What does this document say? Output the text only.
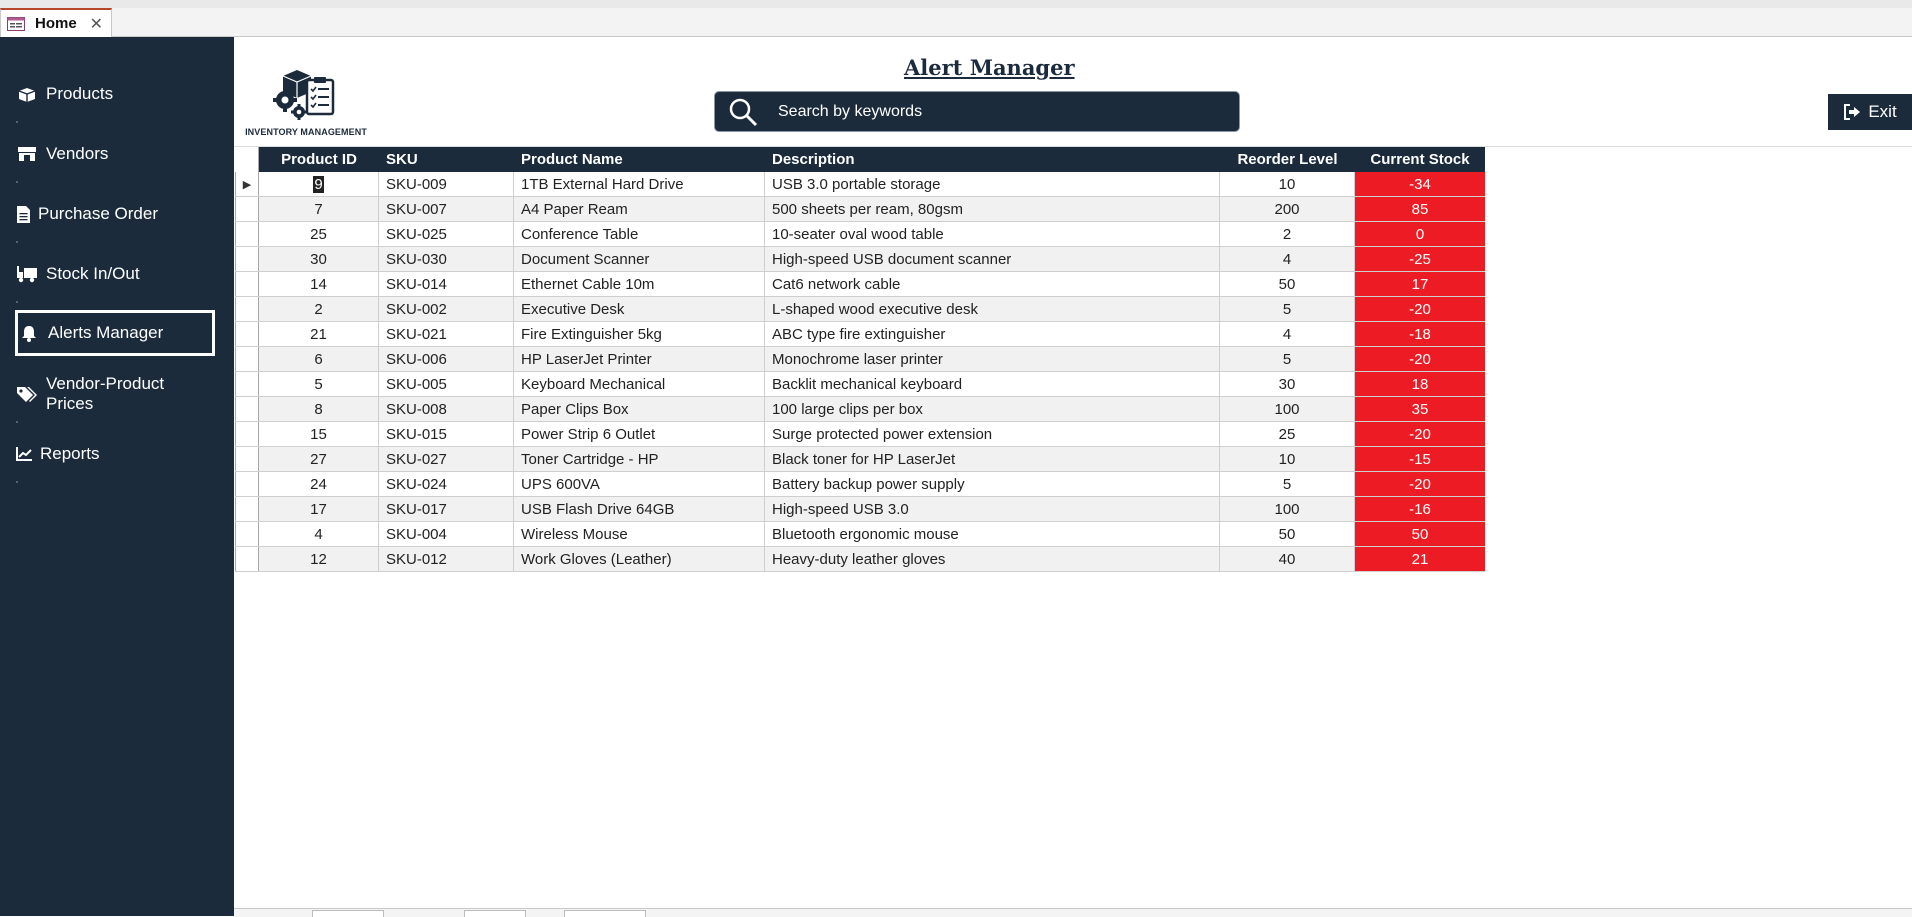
Home ✕
Products
Vendors
Purchase Order
Stock In/Out
Alerts Manager
Vendor-Product Prices
Reports
INVENTORY MANAGEMENT
Alert Manager
Search by keywords
Exit
Product ID	SKU	Product Name	Description	Reorder Level	Current Stock
▶	9	SKU-009	1TB External Hard Drive	USB 3.0 portable storage	10	-34
7	SKU-007	A4 Paper Ream	500 sheets per ream, 80gsm	200	85
25	SKU-025	Conference Table	10-seater oval wood table	2	0
30	SKU-030	Document Scanner	High-speed USB document scanner	4	-25
14	SKU-014	Ethernet Cable 10m	Cat6 network cable	50	17
2	SKU-002	Executive Desk	L-shaped wood executive desk	5	-20
21	SKU-021	Fire Extinguisher 5kg	ABC type fire extinguisher	4	-18
6	SKU-006	HP LaserJet Printer	Monochrome laser printer	5	-20
5	SKU-005	Keyboard Mechanical	Backlit mechanical keyboard	30	18
8	SKU-008	Paper Clips Box	100 large clips per box	100	35
15	SKU-015	Power Strip 6 Outlet	Surge protected power extension	25	-20
27	SKU-027	Toner Cartridge - HP	Black toner for HP LaserJet	10	-15
24	SKU-024	UPS 600VA	Battery backup power supply	5	-20
17	SKU-017	USB Flash Drive 64GB	High-speed USB 3.0	100	-16
4	SKU-004	Wireless Mouse	Bluetooth ergonomic mouse	50	50
12	SKU-012	Work Gloves (Leather)	Heavy-duty leather gloves	40	21
